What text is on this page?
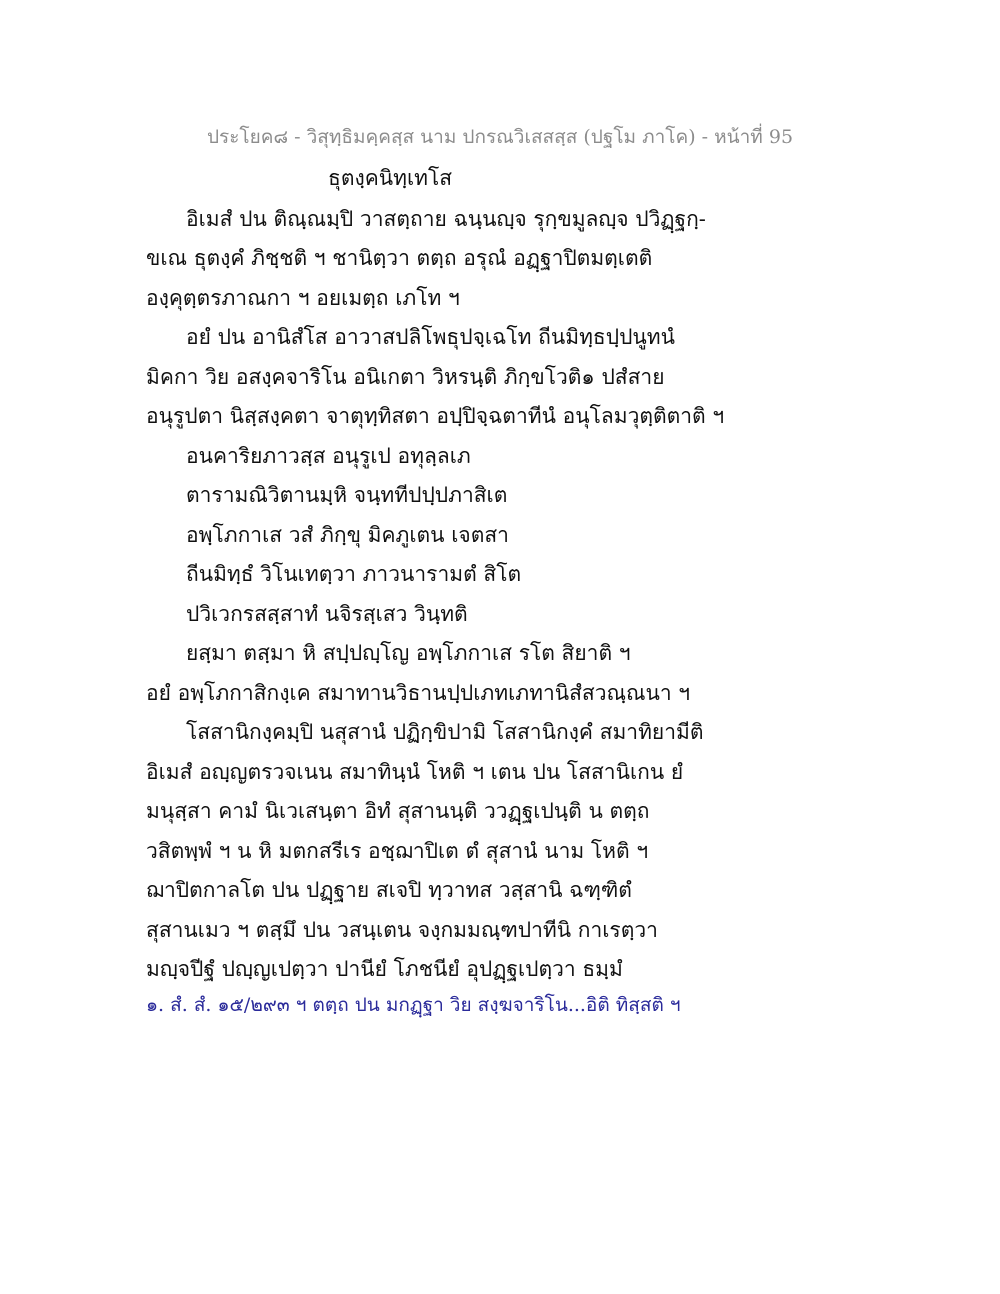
ประโยค๘ - วิสุทฺธิมคฺคสฺส นาม ปกรณวิเสสสฺส (ปฐโม ภาโค) - หน้าที่ 95
ธุตงฺคนิทฺเทโส
อิเมสํ ปน ติณฺณมฺปิ วาสตฺถาย ฉนฺนญฺจ รุกฺขมูลญฺจ ปวิฏฺฐกฺ-
ขเณ ธุตงฺคํ ภิชฺชติ ฯ ชานิตฺวา ตตฺถ อรุณํ อฏฺฐาปิตมตฺเตติ
องฺคุตฺตรภาณกา ฯ อยเมตฺถ เภโท ฯ
อยํ ปน อานิสํโส อาวาสปลิโพธุปจฺเฉโท ถีนมิทฺธปฺปนูทนํ
มิคกา วิย อสงฺคจาริโน อนิเกตา วิหรนฺติ ภิกฺขโวติ๑ ปสํสาย
อนุรูปตา นิสฺสงฺคตา จาตุทฺทิสตา อปฺปิจฺฉตาทีนํ อนุโลมวุตฺติตาติ ฯ
อนคาริยภาวสฺส อนุรูเป อทุลฺลเภ
ตารามณิวิตานมฺหิ จนฺททีปปฺปภาสิเต
อพฺโภกาเส วสํ ภิกฺขุ มิคภูเตน เจตสา
ถีนมิทฺธํ วิโนเทตฺวา ภาวนารามตํ สิโต
ปวิเวกรสสฺสาทํ นจิรสฺเสว วินฺทติ
ยสฺมา ตสฺมา หิ สปฺปญฺโญ อพฺโภกาเส รโต สิยาติ ฯ
อยํ อพฺโภกาสิกงฺเค สมาทานวิธานปฺปเภทเภทานิสํสวณฺณนา ฯ
โสสานิกงฺคมฺปิ นสุสานํ ปฏิกฺขิปามิ โสสานิกงฺคํ สมาทิยามีติ
อิเมสํ อญฺญตรวจเนน สมาทินฺนํ โหติ ฯ เตน ปน โสสานิเกน ยํ
มนุสฺสา คามํ นิเวเสนฺตา อิทํ สุสานนฺติ ววฏฺฐเปนฺติ น ตตฺถ
วสิตพฺพํ ฯ น หิ มตกสรีเร อชฺฌาปิเต ตํ สุสานํ นาม โหติ ฯ
ฌาปิตกาลโต ปน ปฏฺฐาย สเจปิ ทฺวาทส วสฺสานิ ฉฑฺฑิตํ
สุสานเมว ฯ ตสฺมึ ปน วสนฺเตน จงฺกมมณฺฑปาทีนิ กาเรตฺวา
มญฺจปีฐํ ปญฺญเปตฺวา ปานียํ โภชนียํ อุปฏฺฐเปตฺวา ธมฺมํ
๑. สํ. สํ. ๑๕/๒๙๓ ฯ ตตฺถ ปน มกฏฺฐา วิย สงฺฆจาริโน...อิติ ทิสฺสติ ฯ
